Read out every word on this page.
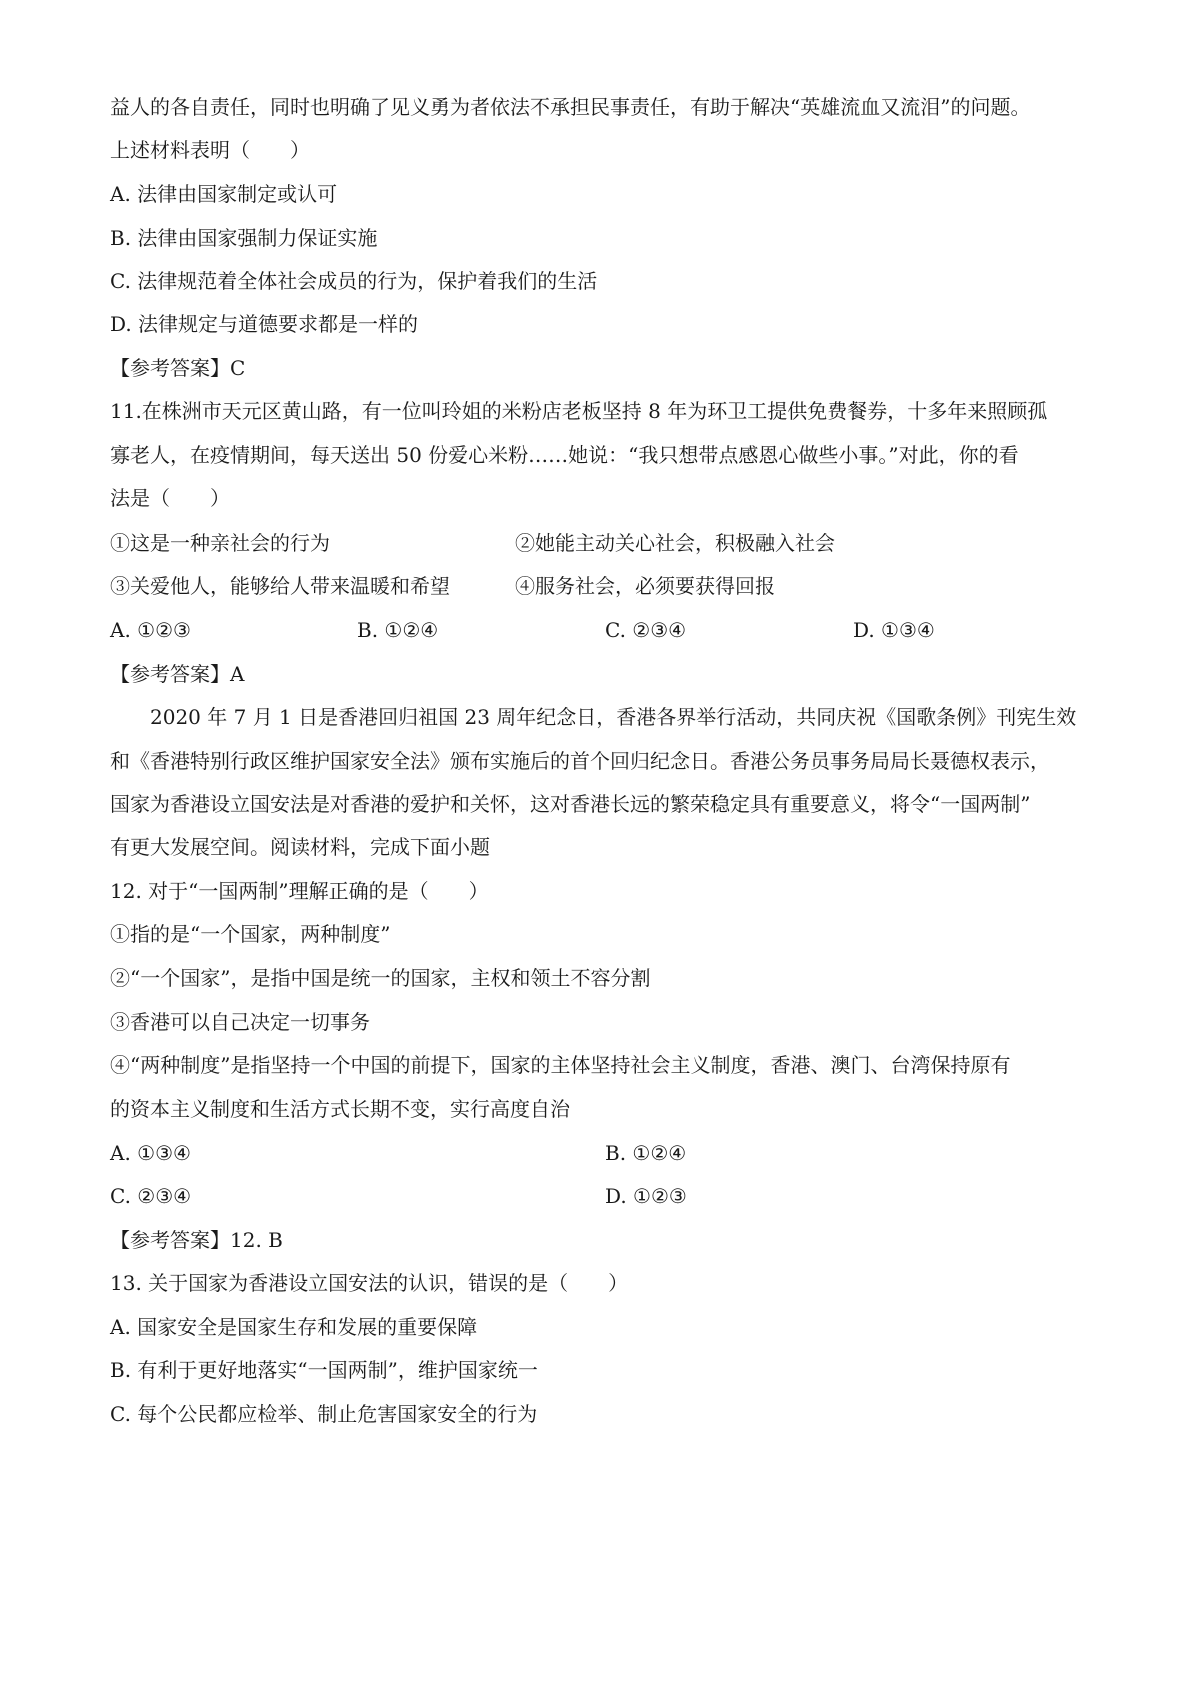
益人的各自责任，同时也明确了见义勇为者依法不承担民事责任，有助于解决“英雄流血又流泪”的问题。
上述材料表明（　　）
A. 法律由国家制定或认可
B. 法律由国家强制力保证实施
C. 法律规范着全体社会成员的行为，保护着我们的生活
D. 法律规定与道德要求都是一样的
【参考答案】C
11.在株洲市天元区黄山路，有一位叫玲姐的米粉店老板坚持 8 年为环卫工提供免费餐券，十多年来照顾孤
寡老人，在疫情期间，每天送出 50 份爱心米粉……她说：“我只想带点感恩心做些小事。”对此，你的看
法是（　　）
①这是一种亲社会的行为	②她能主动关心社会，积极融入社会
③关爱他人，能够给人带来温暖和希望	④服务社会，必须要获得回报
A. ①②③	B. ①②④	C. ②③④	D. ①③④
【参考答案】A
　　2020 年 7 月 1 日是香港回归祖国 23 周年纪念日，香港各界举行活动，共同庆祝《国歌条例》刊宪生效
和《香港特别行政区维护国家安全法》颁布实施后的首个回归纪念日。香港公务员事务局局长聂德权表示，
国家为香港设立国安法是对香港的爱护和关怀，这对香港长远的繁荣稳定具有重要意义，将令“一国两制”
有更大发展空间。阅读材料，完成下面小题
12. 对于“一国两制”理解正确的是（　　）
①指的是“一个国家，两种制度”
②“一个国家”，是指中国是统一的国家，主权和领土不容分割
③香港可以自己决定一切事务
④“两种制度”是指坚持一个中国的前提下，国家的主体坚持社会主义制度，香港、澳门、台湾保持原有
的资本主义制度和生活方式长期不变，实行高度自治
A. ①③④	B. ①②④
C. ②③④	D. ①②③
【参考答案】12. B
13. 关于国家为香港设立国安法的认识，错误的是（　　）
A. 国家安全是国家生存和发展的重要保障
B. 有利于更好地落实“一国两制”，维护国家统一
C. 每个公民都应检举、制止危害国家安全的行为
